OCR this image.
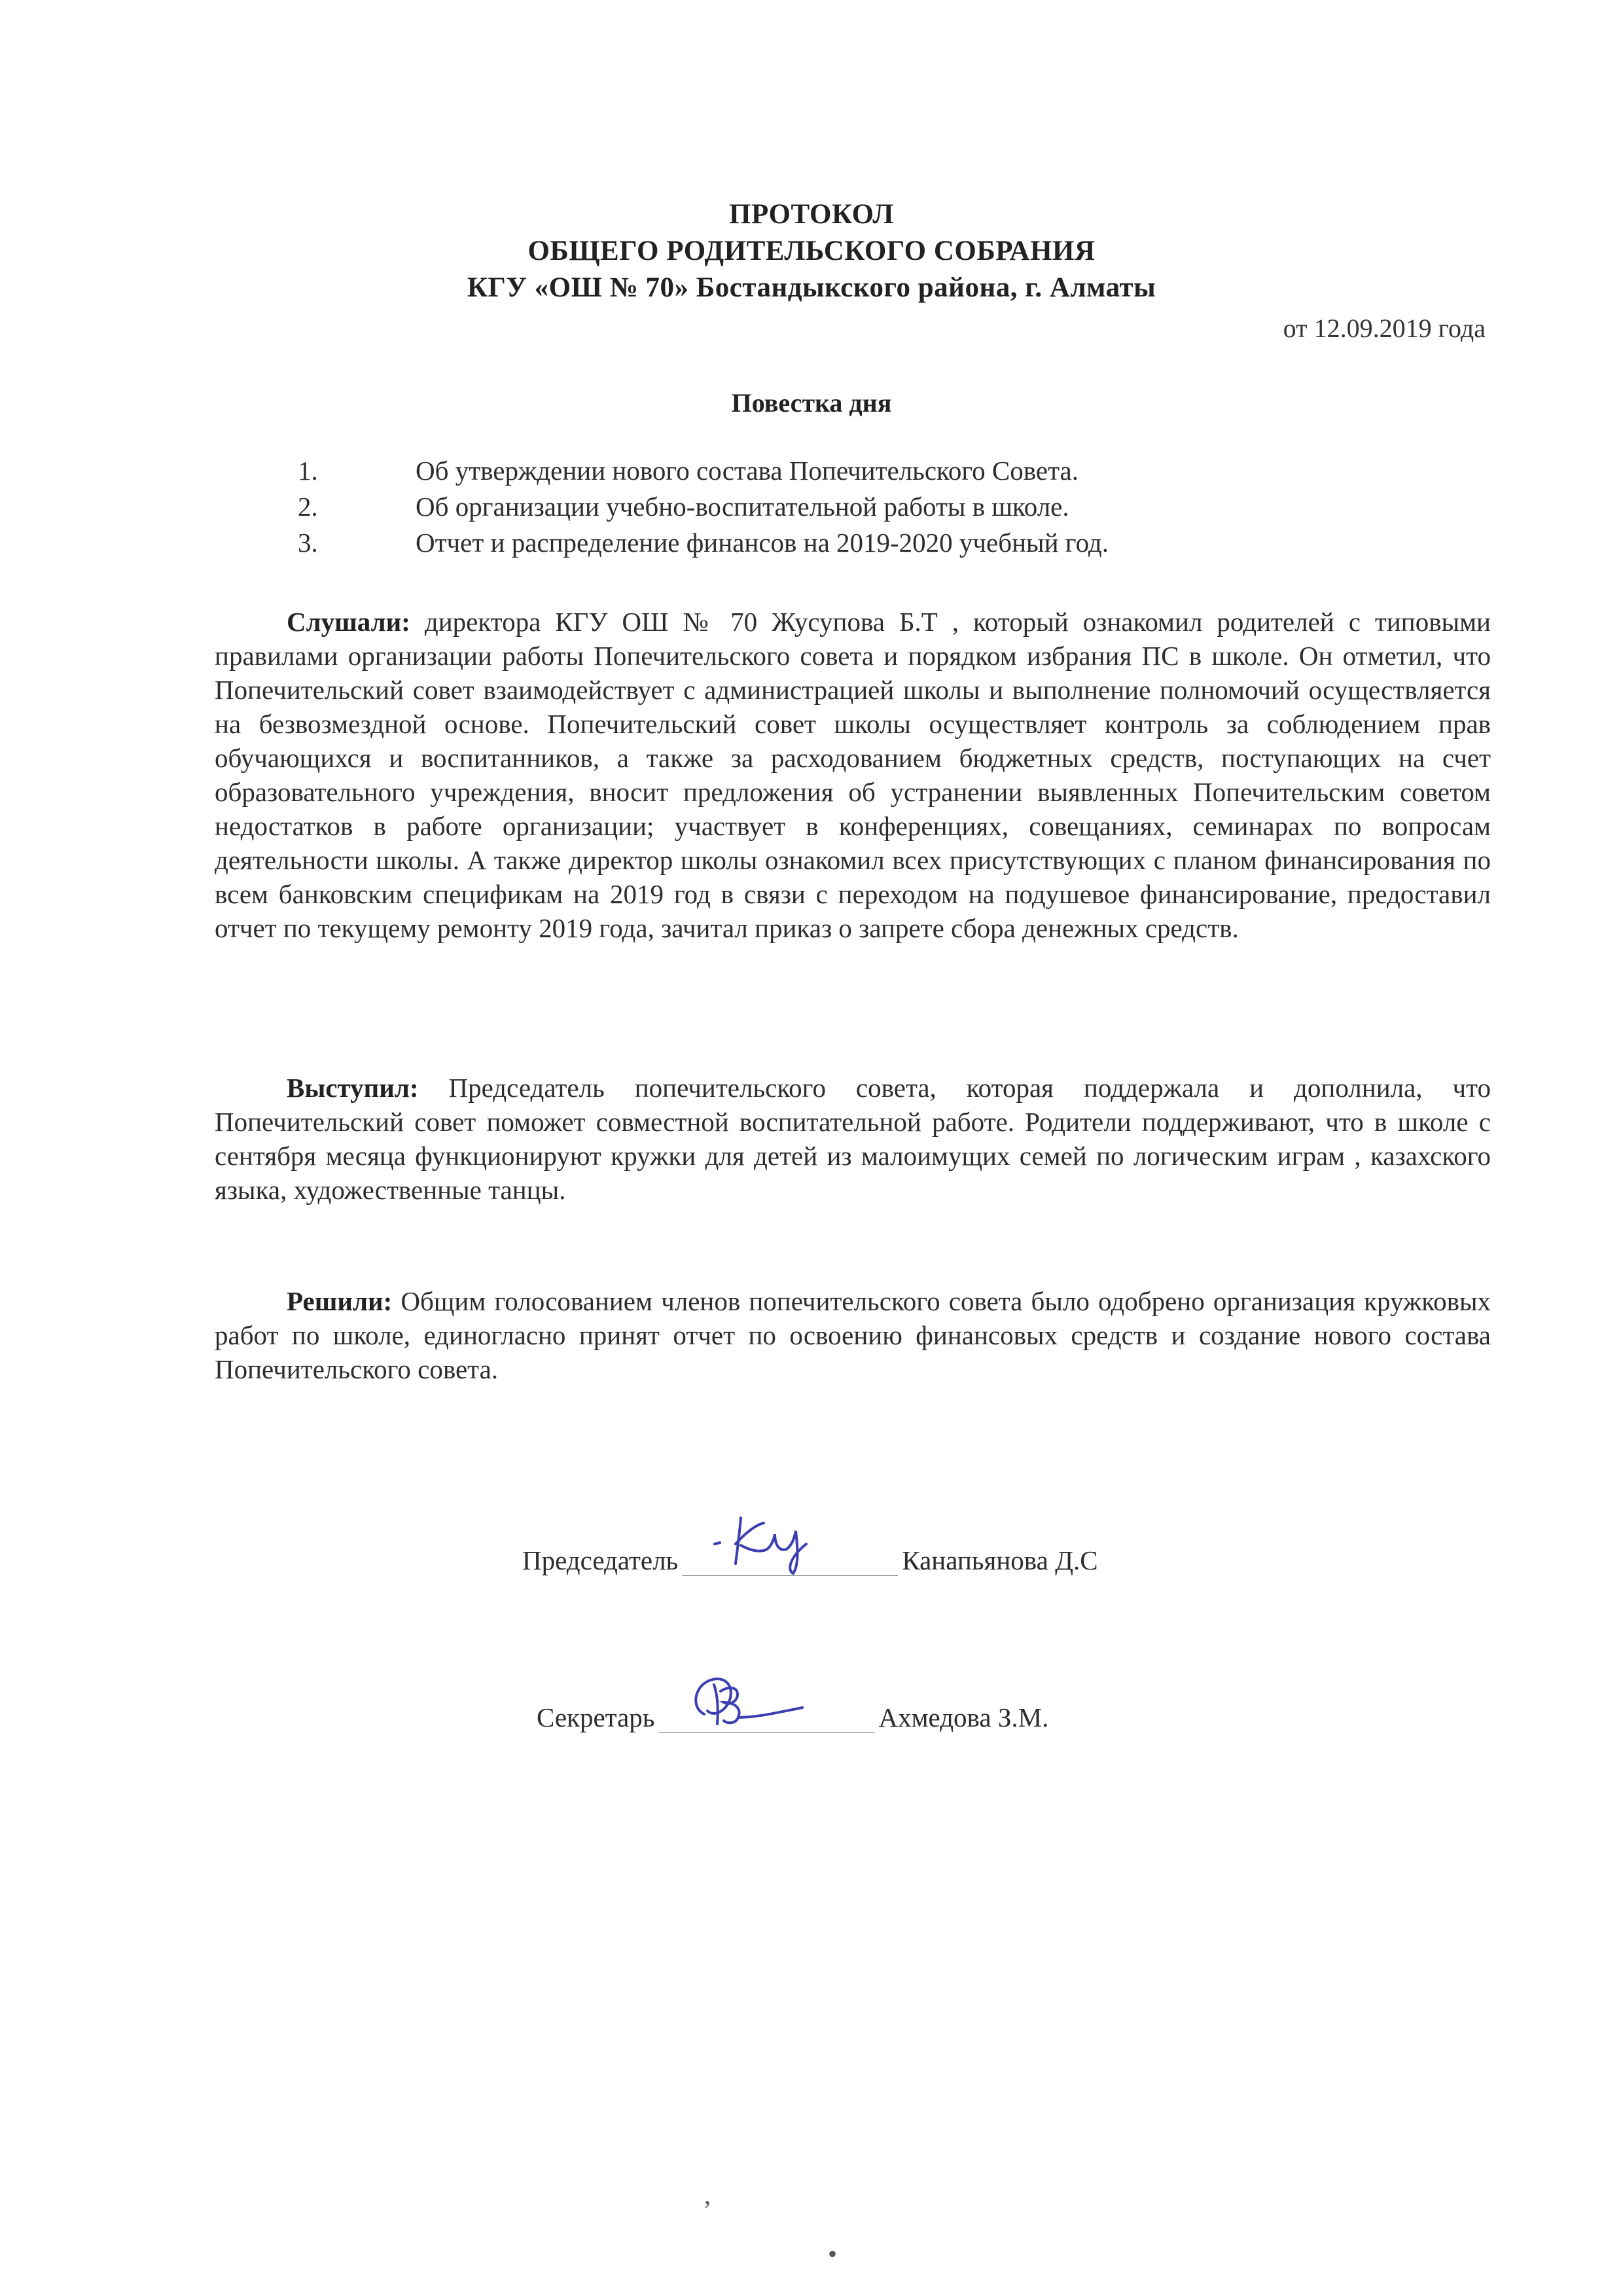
ПРОТОКОЛ
ОБЩЕГО РОДИТЕЛЬСКОГО СОБРАНИЯ
КГУ «ОШ № 70» Бостандыкского района, г. Алматы
от 12.09.2019 года
Повестка дня
1.	Об утверждении нового состава Попечительского Совета.
2.	Об организации учебно-воспитательной работы в школе.
3.	Отчет и распределение финансов на 2019-2020 учебный год.
Слушали: директора КГУ ОШ № 70 Жусупова Б.Т , который ознакомил родителей с типовыми правилами организации работы Попечительского совета и порядком избрания ПС в школе. Он отметил, что Попечительский совет взаимодействует с администрацией школы и выполнение полномочий осуществляется на безвозмездной основе. Попечительский совет школы осуществляет контроль за соблюдением прав обучающихся и воспитанников, а также за расходованием бюджетных средств, поступающих на счет образовательного учреждения, вносит предложения об устранении выявленных Попечительским советом недостатков в работе организации; участвует в конференциях, совещаниях, семинарах по вопросам деятельности школы. А также директор школы ознакомил всех присутствующих с планом финансирования по всем банковским спецификам на 2019 год в связи с переходом на подушевое финансирование, предоставил отчет по текущему ремонту 2019 года, зачитал приказ о запрете сбора денежных средств.
Выступил: Председатель попечительского совета, которая поддержала и дополнила, что Попечительский совет поможет совместной воспитательной работе. Родители поддерживают, что в школе с сентября месяца функционируют кружки для детей из малоимущих семей по логическим играм , казахского языка, художественные танцы.
Решили: Общим голосованием членов попечительского совета было одобрено организация кружковых работ по школе, единогласно принят отчет по освоению финансовых средств и создание нового состава Попечительского совета.
Председатель	Канапьянова Д.С
Секретарь	Ахмедова З.М.
,
•
